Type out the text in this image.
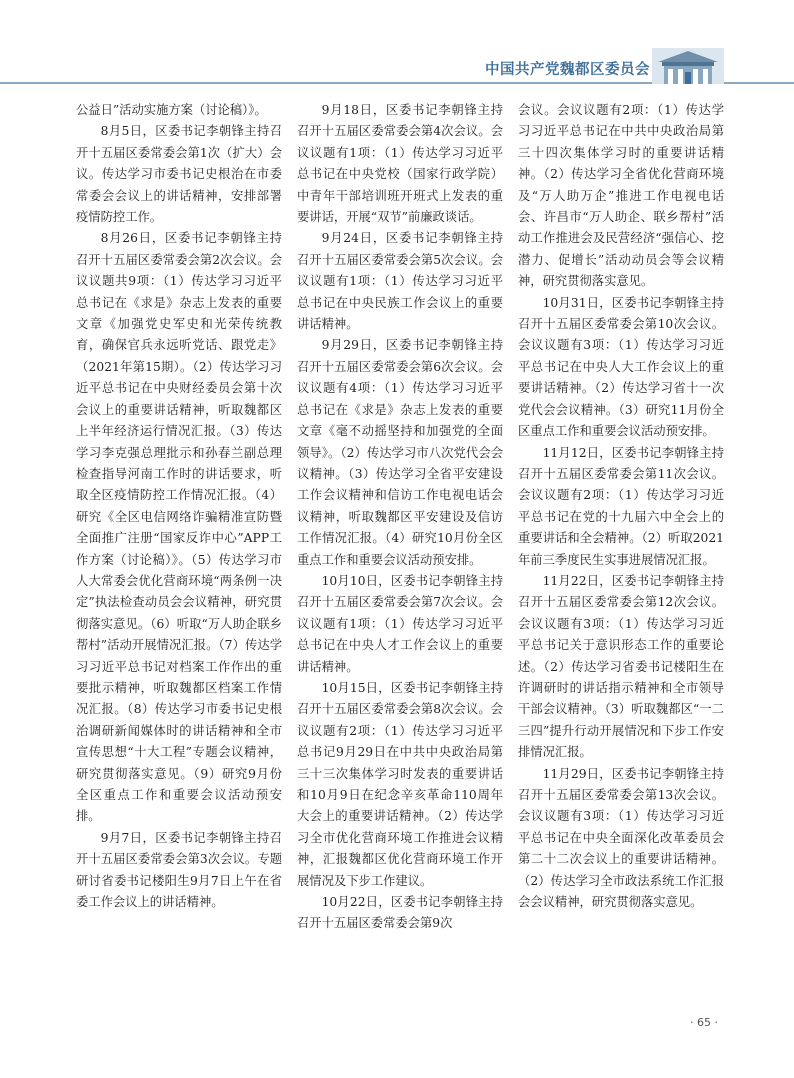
中国共产党魏都区委员会

公益日”活动实施方案（讨论稿）》。

8月5日，区委书记李朝锋主持召开十五届区委常委会第1次（扩大）会议。传达学习市委书记史根治在市委常委会会议上的讲话精神，安排部署疫情防控工作。

8月26日，区委书记李朝锋主持召开十五届区委常委会第2次会议。会议议题共9项：（1）传达学习习近平总书记在《求是》杂志上发表的重要文章《加强党史军史和光荣传统教育，确保官兵永远听党话、跟党走》（2021年第15期）。（2）传达学习习近平总书记在中央财经委员会第十次会议上的重要讲话精神，听取魏都区上半年经济运行情况汇报。（3）传达学习李克强总理批示和孙春兰副总理检查指导河南工作时的讲话要求，听取全区疫情防控工作情况汇报。（4）研究《全区电信网络诈骗精准宣防暨全面推广注册“国家反诈中心”APP工作方案（讨论稿）》。（5）传达学习市人大常委会优化营商环境“两条例一决定”执法检查动员会会议精神，研究贯彻落实意见。（6）听取“万人助企联乡帮村”活动开展情况汇报。（7）传达学习习近平总书记对档案工作作出的重要批示精神，听取魏都区档案工作情况汇报。（8）传达学习市委书记史根治调研新闻媒体时的讲话精神和全市宣传思想“十大工程”专题会议精神，研究贯彻落实意见。（9）研究9月份全区重点工作和重要会议活动预安排。

9月7日，区委书记李朝锋主持召开十五届区委常委会第3次会议。专题研讨省委书记楼阳生9月7日上午在省委工作会议上的讲话精神。

9月18日，区委书记李朝锋主持召开十五届区委常委会第4次会议。会议议题有1项：（1）传达学习习近平总书记在中央党校（国家行政学院）中青年干部培训班开班式上发表的重要讲话，开展“双节”前廉政谈话。

9月24日，区委书记李朝锋主持召开十五届区委常委会第5次会议。会议议题有1项：（1）传达学习习近平总书记在中央民族工作会议上的重要讲话精神。

9月29日，区委书记李朝锋主持召开十五届区委常委会第6次会议。会议议题有4项：（1）传达学习习近平总书记在《求是》杂志上发表的重要文章《毫不动摇坚持和加强党的全面领导》。（2）传达学习市八次党代会会议精神。（3）传达学习全省平安建设工作会议精神和信访工作电视电话会议精神，听取魏都区平安建设及信访工作情况汇报。（4）研究10月份全区重点工作和重要会议活动预安排。

10月10日，区委书记李朝锋主持召开十五届区委常委会第7次会议。会议议题有1项：（1）传达学习习近平总书记在中央人才工作会议上的重要讲话精神。

10月15日，区委书记李朝锋主持召开十五届区委常委会第8次会议。会议议题有2项：（1）传达学习习近平总书记9月29日在中共中央政治局第三十三次集体学习时发表的重要讲话和10月9日在纪念辛亥革命110周年大会上的重要讲话精神。（2）传达学习全市优化营商环境工作推进会议精神，汇报魏都区优化营商环境工作开展情况及下步工作建议。

10月22日，区委书记李朝锋主持召开十五届区委常委会第9次

会议。会议议题有2项：（1）传达学习习近平总书记在中共中央政治局第三十四次集体学习时的重要讲话精神。（2）传达学习全省优化营商环境及“万人助万企”推进工作电视电话会、许昌市“万人助企、联乡帮村”活动工作推进会及民营经济“强信心、挖潜力、促增长”活动动员会等会议精神，研究贯彻落实意见。

10月31日，区委书记李朝锋主持召开十五届区委常委会第10次会议。会议议题有3项：（1）传达学习习近平总书记在中央人大工作会议上的重要讲话精神。（2）传达学习省十一次党代会会议精神。（3）研究11月份全区重点工作和重要会议活动预安排。

11月12日，区委书记李朝锋主持召开十五届区委常委会第11次会议。会议议题有2项：（1）传达学习习近平总书记在党的十九届六中全会上的重要讲话和全会精神。（2）听取2021年前三季度民生实事进展情况汇报。

11月22日，区委书记李朝锋主持召开十五届区委常委会第12次会议。会议议题有3项：（1）传达学习习近平总书记关于意识形态工作的重要论述。（2）传达学习省委书记楼阳生在许调研时的讲话指示精神和全市领导干部会议精神。（3）听取魏都区“一二三四”提升行动开展情况和下步工作安排情况汇报。

11月29日，区委书记李朝锋主持召开十五届区委常委会第13次会议。会议议题有3项：（1）传达学习习近平总书记在中央全面深化改革委员会第二十二次会议上的重要讲话精神。（2）传达学习全市政法系统工作汇报会会议精神，研究贯彻落实意见。

· 65 ·
